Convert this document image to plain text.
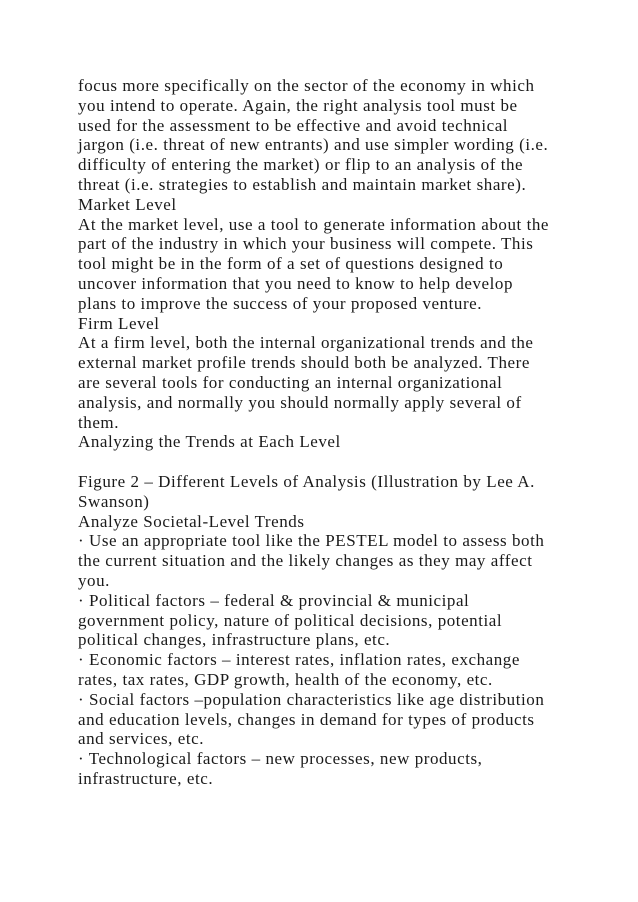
focus more specifically on the sector of the economy in which
you intend to operate. Again, the right analysis tool must be
used for the assessment to be effective and avoid technical
jargon (i.e. threat of new entrants) and use simpler wording (i.e.
difficulty of entering the market) or flip to an analysis of the
threat (i.e. strategies to establish and maintain market share).
Market Level
At the market level, use a tool to generate information about the
part of the industry in which your business will compete. This
tool might be in the form of a set of questions designed to
uncover information that you need to know to help develop
plans to improve the success of your proposed venture.
Firm Level
At a firm level, both the internal organizational trends and the
external market profile trends should both be analyzed. There
are several tools for conducting an internal organizational
analysis, and normally you should normally apply several of
them.
Analyzing the Trends at Each Level
Figure 2 – Different Levels of Analysis (Illustration by Lee A.
Swanson)
Analyze Societal-Level Trends
· Use an appropriate tool like the PESTEL model to assess both
the current situation and the likely changes as they may affect
you.
· Political factors – federal & provincial & municipal
government policy, nature of political decisions, potential
political changes, infrastructure plans, etc.
· Economic factors – interest rates, inflation rates, exchange
rates, tax rates, GDP growth, health of the economy, etc.
· Social factors –population characteristics like age distribution
and education levels, changes in demand for types of products
and services, etc.
· Technological factors – new processes, new products,
infrastructure, etc.
